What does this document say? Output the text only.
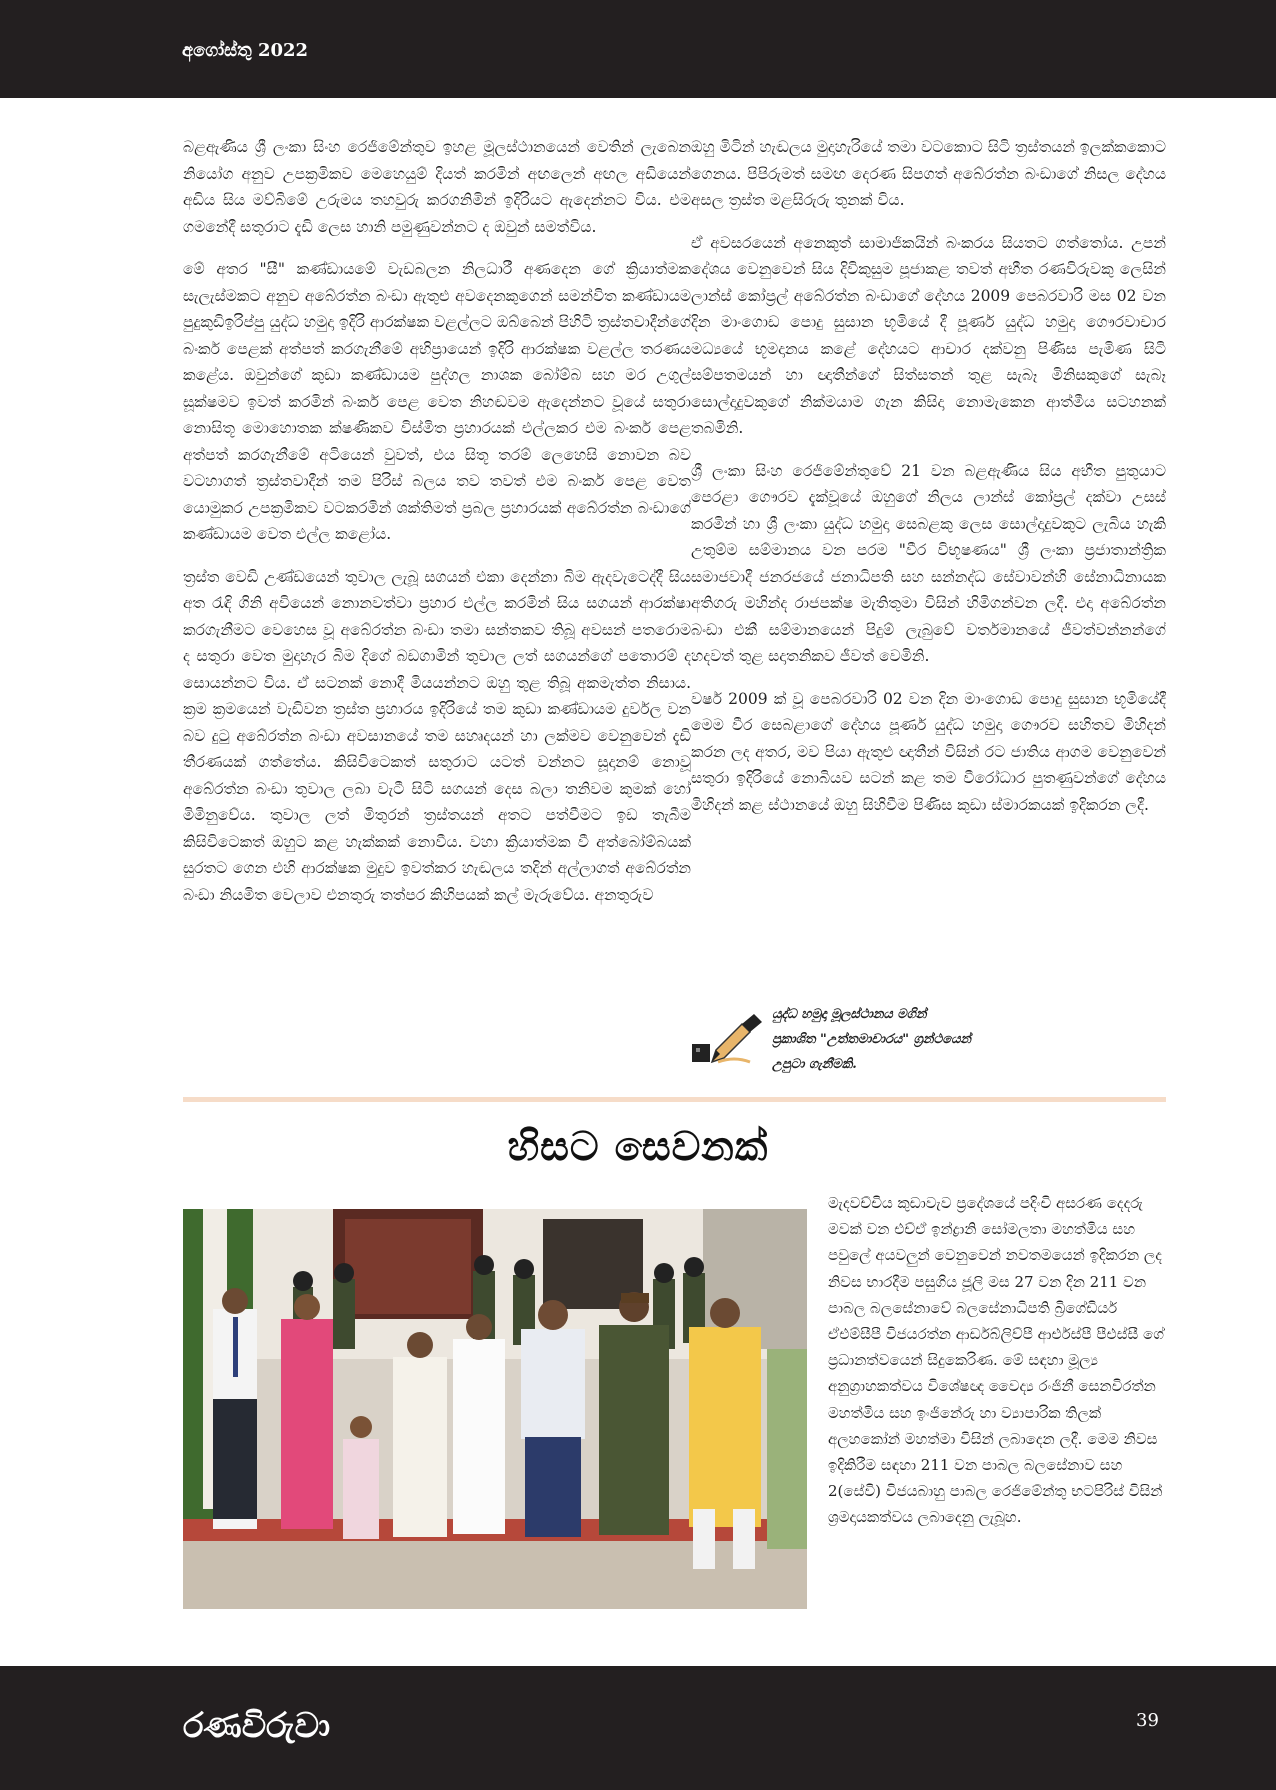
අගෝස්තු 2022

බළඇණිය ශ්‍රී ලංකා සිංහ රෙජිමේන්තුව ඉහළ මූලස්ථානයෙන් වෙතින් ලැබෙන නියෝග අනුව උපක්‍රමිකව මෙහෙයුම් දියත් කරමින් අඟලෙන් අඟල අඩියෙන් අඩිය සිය මව්බිමේ උරුමය තහවුරු කරගනිමින් ඉදිරියට ඇදෙන්නට විය. එම ගමනේදී සතුරාට දැඩි ලෙස හානි පමුණුවන්නට ද ඔවුන් සමත්විය.

මේ අතර "සී" කණ්ඩායමේ වැඩබලන නිලධාරී අණදෙන ගේ ක්‍රියාත්මක සැලැස්මකට අනුව අබේරත්න බංඩා ඇතුළු අවදෙනකුගෙන් සමන්විත කණ්ඩායම පුදුකුඩිඉරිප්පු යුද්ධ හමුදා ඉදිරි ආරක්ෂක වළල්ලට ඔබ්බෙන් පිහිටි ත්‍රස්තවාදීන්ගේ බංකර් පෙළක් අත්පත් කරගැනීමේ අභිප්‍රායෙන් ඉදිරි ආරක්ෂක වළල්ල තරණය කළේය. ඔවුන්ගේ කුඩා කණ්ඩායම පුද්ගල නාශක බෝම්බ සහ මර උගුල් සූක්ෂමව ඉවත් කරමින් බංකර් පෙළ වෙත නිහඬවම ඇදෙන්නට වූයේ සතුරා නොසිතූ මොහොතක ක්ෂණිකව විස්මිත ප්‍රහාරයක් එල්ලකර එම බංකර් පෙළ අත්පත් කරගැනීමේ අටියෙන් වුවත්, එය සිතූ තරම් ලෙහෙසි නොවන බව වටහාගත් ත්‍රස්තවාදීන් තම පිරිස් බලය තව තවත් එම බංකර් පෙළ වෙත යොමුකර උපක්‍රමිකව වටකරමින් ශක්තිමත් ප්‍රබල ප්‍රහාරයක් අබේරත්න බංඩාගේ කණ්ඩායම වෙත එල්ල කළෝය.

ත්‍රස්ත වෙඩි උණ්ඩයෙන් තුවාල ලැබූ සගයන් එකා දෙන්නා බිම ඇදවැටෙද්දී සිය අත රැඳි ගිනි අවියෙන් නොනවත්වා ප්‍රහාර එල්ල කරමින් සිය සගයන් ආරක්ෂා කරගැනීමට වෙහෙස වූ අබේරත්න බංඩා තමා සන්තකව තිබූ අවසන් පතරොම ද සතුරා වෙත මුදාහැර බිම දිගේ බඩගාමින් තුවාල ලත් සගයන්ගේ පතොරම් ද සොයන්නට විය. ඒ සටනක් නොදී මියයන්නට ඔහු තුළ තිබූ අකමැත්ත නිසාය. ක්‍රම ක්‍රමයෙන් වැඩිවන ත්‍රස්ත ප්‍රහාරය ඉදිරියේ තම කුඩා කණ්ඩායම දුර්වල වන බව දුටු අබේරත්න බංඩා අවසානයේ තම සහෘදයන් හා ලක්මව වෙනුවෙන් දැඩි තීරණයක් ගත්තේය. කිසිවිටෙකත් සතුරාට යටත් වන්නට සූදානම් නොවූ අබේරත්න බංඩා තුවාල ලබා වැටී සිටි සගයන් දෙස බලා තනිවම කුමක් හෝ මිමිනුවේය. තුවාල ලත් මිතුරන් ත්‍රස්තයන් අතට පත්වීමට ඉඩ තැබීම කිසිවිටෙකත් ඔහුට කළ හැක්කක් නොවීය. වහා ක්‍රියාත්මක වී අත්බෝම්බයක් සුරතට ගෙන එහි ආරක්ෂක මුදුව ඉවත්කර හැඬලය තදින් අල්ලාගත් අබේරත්න බංඩා නියමිත වෙලාව එනතුරු තත්පර කිහිපයක් කල් මැරුවේය. අනතුරුව

ඔහු මිටින් හැඬලය මුදාහැරියේ තමා වටකොට සිටි ත්‍රස්තයන් ඉලක්කකොට ගෙනය. පිපිරුමත් සමඟ දෙරණ සිපගත් අබේරත්න බංඩාගේ නිසල දේහය අසල ත්‍රස්ත මළසිරුරු තුනක් විය.

ඒ අවසරයෙන් අනෙකුත් සාමාජිකයින් බංකරය සියතට ගත්තෝය. උපන් දේශය වෙනුවෙන් සිය දිවිකුසුම පූජාකළ තවත් අභීත රණවිරුවකු ලෙසින් ලාන්ස් කෝප්‍රල් අබේරත්න බංඩාගේ දේහය 2009 පෙබරවාරි මස 02 වන දින මාංගොඩ පොදු සුසාන භූමියේ දී පූර්ණ යුද්ධ හමුදා ගෞරවාචාර මධ්‍යයේ භූමදානය කළේ දේහයට ආචාර දක්වනු පිණිස පැමිණ සිටි සම්පතමයන් හා ඥාතීන්ගේ සිත්සතන් තුළ සැබෑ මිනිසකුගේ සැබෑ සොල්දාදුවකුගේ නික්මයාම ගැන කිසිදා නොමැකෙන ආත්මීය සටහනක් තබමිනි.

ශ්‍රී ලංකා සිංහ රෙජිමේන්තුවේ 21 වන බළඇණිය සිය අභීත පුතුයාට පෙරළා ගෞරව දැක්වූයේ ඔහුගේ නිලය ලාන්ස් කෝප්‍රල් දක්වා උසස් කරමින් හා ශ්‍රී ලංකා යුද්ධ හමුදා සෙබළකු ලෙස සොල්දාදුවකුට ලැබිය හැකි උතුම්ම සම්මානය වන පරම "වීර විභූෂණය" ශ්‍රී ලංකා ප්‍රජාතාන්ත්‍රික සමාජවාදී ජනරජයේ ජනාධිපති සහ සන්නද්ධ සේවාවන්හි සේනාධිනායක අතිගරු මහින්ද රාජපක්ෂ මැතිතුමා විසින් හිමිගන්වන ලදී. එදා අබේරත්න බංඩා එකී සම්මානයෙන් පිදුම් ලැබුවේ වර්තමානයේ ජීවත්වන්නන්ගේ හදවත් තුළ සදාතනිකව ජීවත් වෙමිනි.

වර්ෂ 2009 ක් වූ පෙබරවාරි 02 වන දින මාංගොඩ පොදු සුසාන භූමියේදී මෙම වීර සෙබළාගේ දේහය පූර්ණ යුද්ධ හමුදා ගෞරව සහිතව මිහිදන් කරන ලද අතර, මව පියා ඇතුළු ඥාතීන් විසින් රට ජාතිය ආගම වෙනුවෙන් සතුරා ඉදිරියේ නොබියව සටන් කළ තම වීරෝධාර පුතණුවන්ගේ දේහය මිහිදන් කළ ස්ථානයේ ඔහු සිහිවීම පිණිස කුඩා ස්මාරකයක් ඉදිකරන ලදී.

යුද්ධ හමුදා මූලස්ථානය මගින්
ප්‍රකාශිත "උත්තමාචාරය" ග්‍රන්ථයෙන්
උපුටා ගැනීමකි.
හිසට සෙවනක්
මැදවච්චිය කුඩාවැව ප්‍රදේශයේ පදිංචි අසරණ දෙදරු මවක් වන එච්ඒ ඉන්ද්‍රානි සෝමලතා මහත්මිය සහ පවුලේ අයවලුන් වෙනුවෙන් නවතමයෙන් ඉදිකරන ලද නිවස භාරදීම පසුගිය ජූලි මස 27 වන දින 211 වන පාබල බලසේනාවේ බලසේනාධිපති බ්‍රිගේඩියර් ඒඑම්සීපී විජයරත්න ආර්ඩබ්ලිව්පී ආර්එස්පී පීඑස්සී ගේ ප්‍රධානත්වයෙන් සිදුකෙරිණ. මේ සඳහා මූල්‍ය අනුග්‍රාහකත්වය විශේෂඥ වෛද්‍ය රංජිනී සෙනවිරත්න මහත්මිය සහ ඉංජිනේරු හා ව්‍යාපාරික තිලක් අලහකෝන් මහත්මා විසින් ලබාදෙන ලදී. මෙම නිවස ඉදිකිරීම සඳහා 211 වන පාබල බලසේනාව සහ 2(සේවි) විජයබාහු පාබල රෙජිමේන්තු භටපිරිස් විසින් ශ්‍රමදායකත්වය ලබාදෙනු ලැබූහ.
රණවිරුවා	39
